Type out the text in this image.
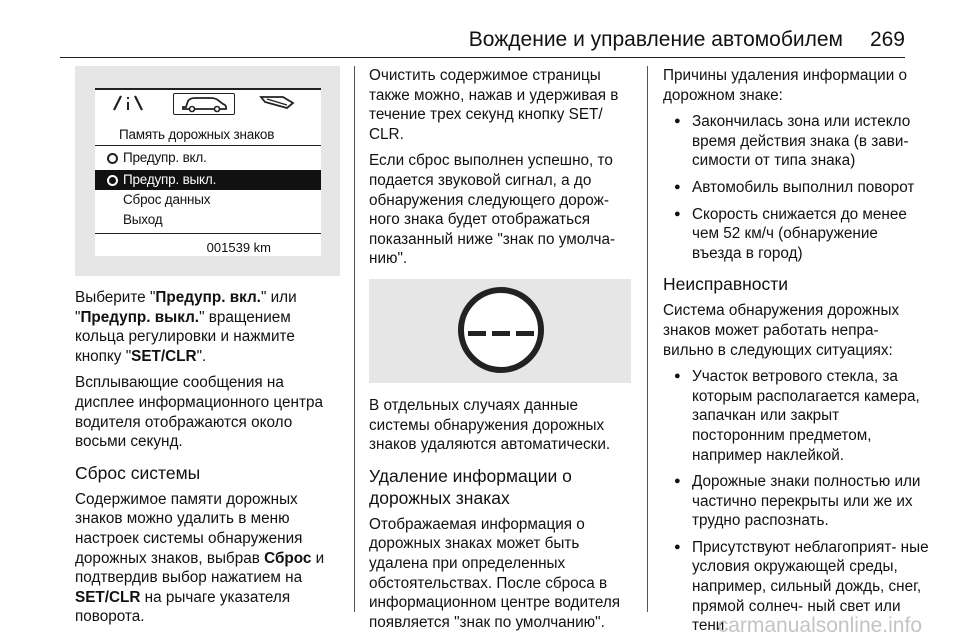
Вождение и управление автомобилем 269
Память дорожных знаков
Предупр. вкл.
Предупр. выкл.
Сброс данных
Выход
001539 km

Выберите "Предупр. вкл." или "Предупр. выкл." вращением кольца регулировки и нажмите кнопку "SET/CLR".

Всплывающие сообщения на дисплее информационного центра водителя отображаются около восьми секунд.

Сброс системы

Содержимое памяти дорожных знаков можно удалить в меню настроек системы обнаружения дорожных знаков, выбрав Сброс и подтвердив выбор нажатием на SET/CLR на рычаге указателя поворота.

Очистить содержимое страницы также можно, нажав и удерживая в течение трех секунд кнопку SET/ CLR.

Если сброс выполнен успешно, то подается звуковой сигнал, а до обнаружения следующего дорож- ного знака будет отображаться показанный ниже "знак по умолча- нию".

В отдельных случаях данные системы обнаружения дорожных знаков удаляются автоматически.

Удаление информации о дорожных знаках

Отображаемая информация о дорожных знаках может быть удалена при определенных обстоятельствах. После сброса в информационном центре водителя появляется "знак по умолчанию".

Причины удаления информации о дорожном знаке:

● Закончилась зона или истекло время действия знака (в зави- симости от типа знака)
● Автомобиль выполнил поворот
● Скорость снижается до менее чем 52 км/ч (обнаружение въезда в город)
Неисправности

Система обнаружения дорожных знаков может работать непра- вильно в следующих ситуациях:

● Участок ветрового стекла, за которым располагается камера, запачкан или закрыт посторонним предметом, например наклейкой.
● Дорожные знаки полностью или частично перекрыты или же их трудно распознать.
● Присутствуют неблагоприят- ные условия окружающей среды, например, сильный дождь, снег, прямой солнеч- ный свет или тени.
carmanualsonline.info
